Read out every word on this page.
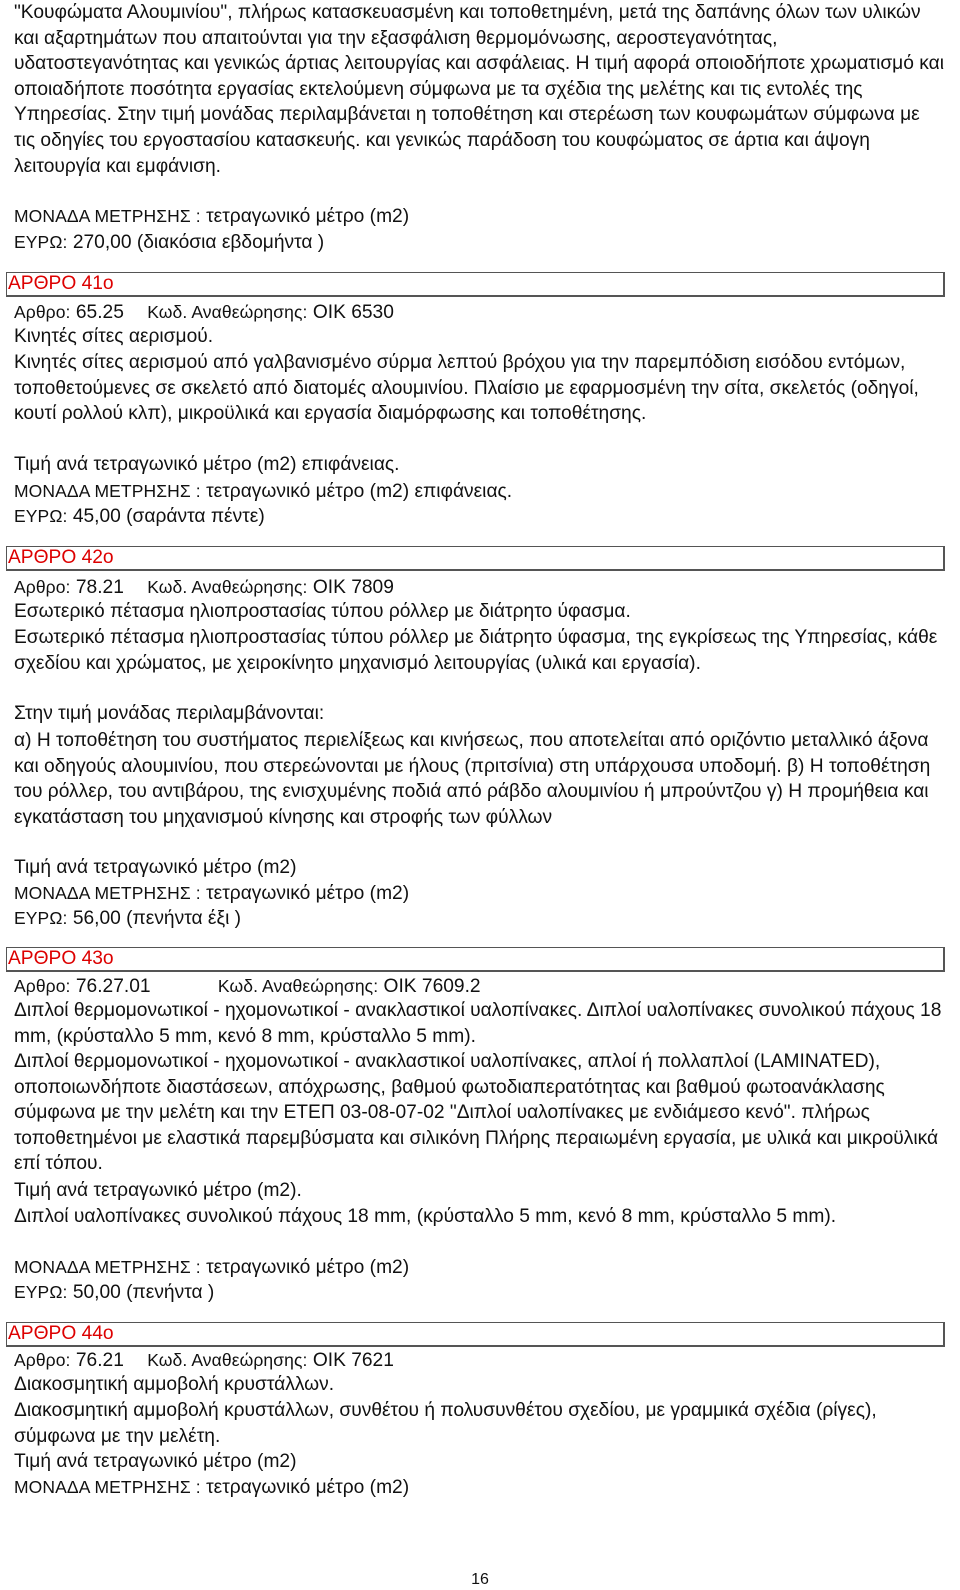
"Κουφώματα Αλουμινίου", πλήρως κατασκευασμένη και τοποθετημένη, μετά της δαπάνης όλων των υλικών και αξαρτημάτων που απαιτούνται για την εξασφάλιση θερμομόνωσης, αεροστεγανότητας, υδατοστεγανότητας και γενικώς άρτιας λειτουργίας και ασφάλειας. Η τιμή αφορά οποιοδήποτε χρωματισμό και οποιαδήποτε ποσότητα εργασίας εκτελούμενη σύμφωνα με τα σχέδια της μελέτης και τις εντολές της Υπηρεσίας. Στην τιμή μονάδας περιλαμβάνεται η τοποθέτηση και στερέωση των κουφωμάτων σύμφωνα με τις οδηγίες του εργοστασίου κατασκευής. και γενικώς παράδοση του κουφώματος σε άρτια και άψογη λειτουργία και εμφάνιση.

ΜΟΝΑΔΑ ΜΕΤΡΗΣΗΣ : τετραγωνικό μέτρο (m2)
ΕΥΡΩ: 270,00 (διακόσια εβδομήντα )
ΑΡΘΡΟ 41ο
Αρθρο: 65.25 Κωδ. Αναθεώρησης: ΟΙΚ 6530
Κινητές σίτες αερισμού.

Κινητές σίτες αερισμού από γαλβανισμένο σύρμα λεπτού βρόχου για την παρεμπόδιση εισόδου εντόμων, τοποθετούμενες σε σκελετό από διατομές αλουμινίου. Πλαίσιο με εφαρμοσμένη την σίτα, σκελετός (οδηγοί, κουτί ρολλού κλπ), μικροϋλικά και εργασία διαμόρφωσης και τοποθέτησης.

Τιμή ανά τετραγωνικό μέτρο (m2) επιφάνειας.
ΜΟΝΑΔΑ ΜΕΤΡΗΣΗΣ : τετραγωνικό μέτρο (m2) επιφάνειας.
ΕΥΡΩ: 45,00 (σαράντα πέντε)
ΑΡΘΡΟ 42ο
Αρθρο: 78.21 Κωδ. Αναθεώρησης: ΟΙΚ 7809
Εσωτερικό πέτασμα ηλιοπροστασίας τύπου ρόλλερ με διάτρητο ύφασμα.

Εσωτερικό πέτασμα ηλιοπροστασίας τύπου ρόλλερ με διάτρητο ύφασμα, της εγκρίσεως της Υπηρεσίας, κάθε σχεδίου και χρώματος, με χειροκίνητο μηχανισμό λειτουργίας (υλικά και εργασία).

Στην τιμή μονάδας περιλαμβάνονται:

α) Η τοποθέτηση του συστήματος περιελίξεως και κινήσεως, που αποτελείται από οριζόντιο μεταλλικό άξονα και οδηγούς αλουμινίου, που στερεώνονται με ήλους (πριτσίνια) στη υπάρχουσα υποδομή. β) Η τοποθέτηση του ρόλλερ, του αντιβάρου, της ενισχυμένης ποδιά από ράβδο αλουμινίου ή μπρούντζου γ) Η προμήθεια και εγκατάσταση του μηχανισμού κίνησης και στροφής των φύλλων

Τιμή ανά τετραγωνικό μέτρο (m2)
ΜΟΝΑΔΑ ΜΕΤΡΗΣΗΣ : τετραγωνικό μέτρο (m2)
ΕΥΡΩ: 56,00 (πενήντα έξι )
ΑΡΘΡΟ 43ο
Αρθρο: 76.27.01	Κωδ. Αναθεώρησης: ΟΙΚ 7609.2

Διπλοί θερμομονωτικοί - ηχομονωτικοί - ανακλαστικοί υαλοπίνακες. Διπλοί υαλοπίνακες συνολικού πάχους 18 mm, (κρύσταλλο 5 mm, κενό 8 mm, κρύσταλλο 5 mm).

Διπλοί θερμομονωτικοί - ηχομονωτικοί - ανακλαστικοί υαλοπίνακες, απλοί ή πολλαπλοί (LAMINATED), οποποιωνδήποτε διαστάσεων, απόχρωσης, βαθμού φωτοδιαπερατότητας και βαθμού φωτοανάκλασης σύμφωνα με την μελέτη και την ΕΤΕΠ 03-08-07-02 "Διπλοί υαλοπίνακες με ενδιάμεσο κενό". πλήρως τοποθετημένοι με ελαστικά παρεμβύσματα και σιλικόνη Πλήρης περαιωμένη εργασία, με υλικά και μικροϋλικά επί τόπου.

Τιμή ανά τετραγωνικό μέτρο (m2).

Διπλοί υαλοπίνακες συνολικού πάχους 18 mm, (κρύσταλλο 5 mm, κενό 8 mm, κρύσταλλο 5 mm).

ΜΟΝΑΔΑ ΜΕΤΡΗΣΗΣ : τετραγωνικό μέτρο (m2)
ΕΥΡΩ: 50,00 (πενήντα )
ΑΡΘΡΟ 44ο
Αρθρο: 76.21 Κωδ. Αναθεώρησης: ΟΙΚ 7621
Διακοσμητική αμμοβολή κρυστάλλων.

Διακοσμητική αμμοβολή κρυστάλλων, συνθέτου ή πολυσυνθέτου σχεδίου, με γραμμικά σχέδια (ρίγες), σύμφωνα με την μελέτη.

Τιμή ανά τετραγωνικό μέτρο (m2)
ΜΟΝΑΔΑ ΜΕΤΡΗΣΗΣ : τετραγωνικό μέτρο (m2)
16
